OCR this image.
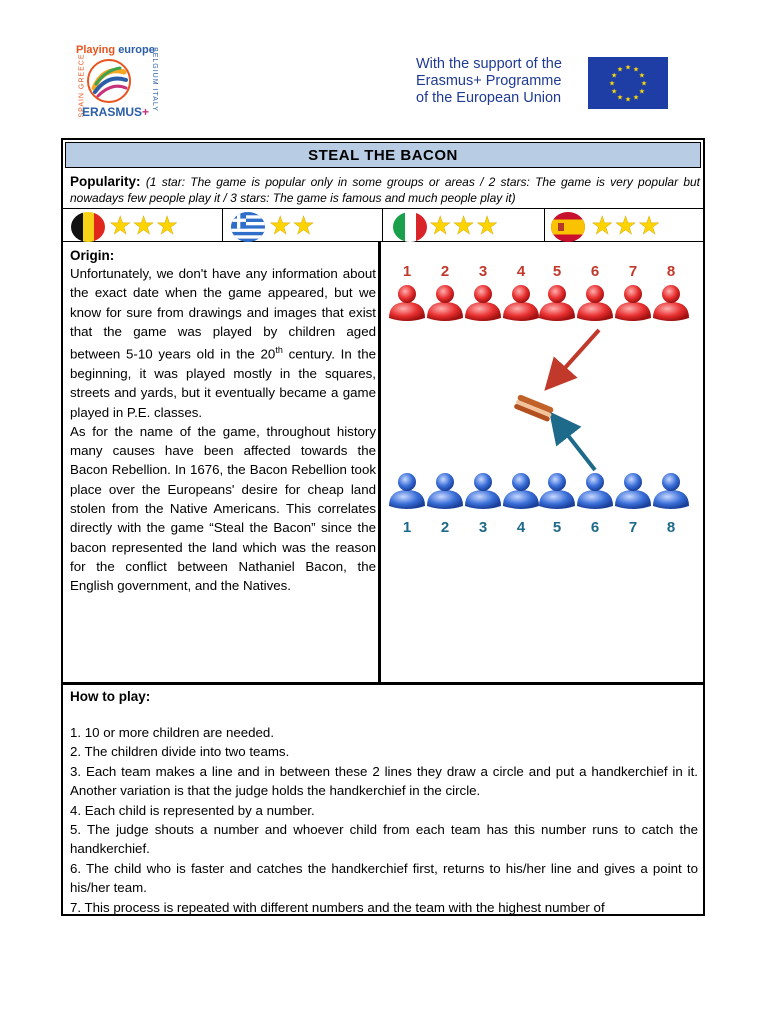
Playing europe
SPAIN GREECE	BELGIUM ITALY
ERASMUS+
With the support of the
Erasmus+ Programme
of the European Union
★ ★
★
★
★
★
★
★
★
★
★
★
STEAL THE BACON
Popularity: (1 star: The game is popular only in some groups or areas / 2 stars: The game is very popular but nowadays few people play it / 3 stars: The game is famous and much people play it)
★★★	★★	★★★	★★★
Origin:
Unfortunately, we don't have any information about the exact date when the game appeared, but we know for sure from drawings and images that exist that the game was played by children aged between 5-10 years old in the 20th century. In the beginning, it was played mostly in the squares, streets and yards, but it eventually became a game played in P.E. classes.
As for the name of the game, throughout history many causes have been affected towards the Bacon Rebellion. In 1676, the Bacon Rebellion took place over the Europeans' desire for cheap land stolen from the Native Americans. This correlates directly with the game “Steal the Bacon” since the bacon represented the land which was the reason for the conflict between Nathaniel Bacon, the English government, and the Natives.
1 2 3 4 5 6 7 8
1 2 3 4 5 6 7 8
How to play:
1. 10 or more children are needed.
2. The children divide into two teams.
3. Each team makes a line and in between these 2 lines they draw a circle and put a handkerchief in it. Another variation is that the judge holds the handkerchief in the circle.
4. Each child is represented by a number.
5. The judge shouts a number and whoever child from each team has this number runs to catch the handkerchief.
6. The child who is faster and catches the handkerchief first, returns to his/her line and gives a point to his/her team.
7. This process is repeated with different numbers and the team with the highest number of
